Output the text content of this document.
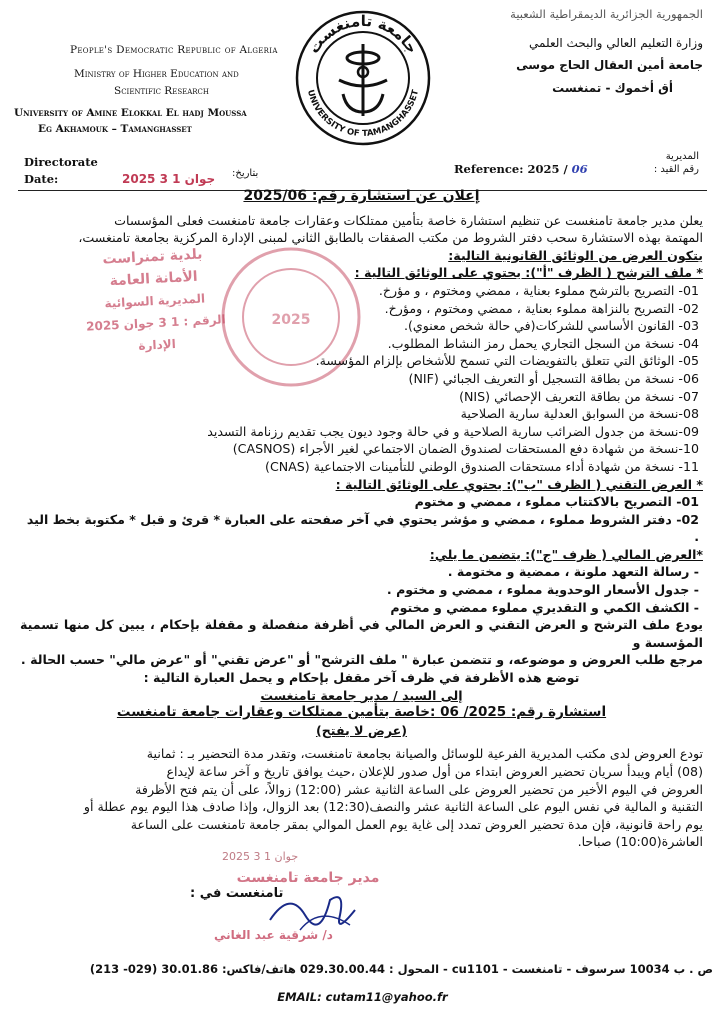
الجمهورية الجزائرية الديمقراطية الشعبية
وزارة التعليم العالي والبحث العلمي
جامعة أمين العقال الحاج موسى
أق أخموك - تمنغست
People's Democratic Republic of Algeria
Ministry of Higher Education and
Scientific Research
University of Amine Elokkal El hadj Moussa
Eg Akhamouk – Tamanghasset
جامعة تامنغست
UNIVERSITY OF TAMANGHASSET
Directorate
Date:	2025 جوان 1 3 بتاريخ:	Reference: 2025 / 06
المديرية
رقم القيد :
بلدية تمنراست
الأمانة العامة
المديرية السوائية
الرقم : 1 3 جوان 2025
الإدارة
2025

إعلان عن استشارة رقم: 2025/06

يعلن مدير جامعة تامنغست عن تنظيم استشارة خاصة بتأمين ممتلكات وعقارات جامعة تامنغست فعلى المؤسسات

المهتمة بهذه الاستشارة سحب دفتر الشروط من مكتب الصفقات بالطابق الثاني لمبنى الإدارة المركزية بجامعة تامنغست،

يتكون العرض من الوثائق القانونية التالية:

* ملف الترشح ( الظرف "أ"): يحتوي على الوثائق التالية :

01- التصريح بالترشح مملوء بعناية ، ممضي ومختوم ، و مؤرخ.

02- التصريح بالنزاهة مملوء بعناية ، ممضي ومختوم ، ومؤرخ.

03- القانون الأساسي للشركات(في حالة شخص معنوي).

04- نسخة من السجل التجاري يحمل رمز النشاط المطلوب.

05- الوثائق التي تتعلق بالتفويضات التي تسمح للأشخاص بإلزام المؤسسة.

06- نسخة من بطاقة التسجيل أو التعريف الجبائي (NIF)

07- نسخة من بطاقة التعريف الإحصائي (NIS)

08-نسخة من السوابق العدلية سارية الصلاحية

09-نسخة من جدول الضرائب سارية الصلاحية و في حالة وجود ديون يجب تقديم رزنامة التسديد

10-نسخة من شهادة دفع المستحقات لصندوق الضمان الاجتماعي لغير الأجراء (CASNOS)

11- نسخة من شهادة أداء مستحقات الصندوق الوطني للتأمينات الاجتماعية (CNAS)

* العرض التقني ( الظرف "ب"): يحتوي على الوثائق التالية :

01- التصريح بالاكتتاب مملوء ، ممضي و مختوم

02- دفتر الشروط مملوء ، ممضي و مؤشر يحتوي في آخر صفحته على العبارة * قرئ و قبل * مكتوبة بخط اليد .

*العرض المالي ( ظرف "ج"): يتضمن ما يلي:

- رسالة التعهد ملونة ، ممضية و مختومة .

- جدول الأسعار الوحدوية مملوء ، ممضي و مختوم .

- الكشف الكمي و التقديري مملوء ممضي و مختوم

يودع ملف الترشح و العرض التقني و العرض المالي في أظرفة منفصلة و مقفلة بإحكام ، يبين كل منها تسمية المؤسسة و

مرجع طلب العروض و موضوعه، و تتضمن عبارة " ملف الترشح" أو "عرض تقني" أو "عرض مالي" حسب الحالة .

توضع هذه الأظرفة في ظرف آخر مقفل بإحكام و يحمل العبارة التالية :

إلى السيد / مدير جامعة تامنغست

استشارة رقم: 2025/ 06 :خاصة بتأمين ممتلكات وعقارات جامعة تامنغست

(عرض لا يفتح)

تودع العروض لدى مكتب المديرية الفرعية للوسائل والصيانة بجامعة تامنغست، وتقدر مدة التحضير بـ : ثمانية

(08) أيام ويبدأ سريان تحضير العروض ابتداء من أول صدور للإعلان ،حيث يوافق تاريخ و آخر ساعة لإيداع

العروض في اليوم الأخير من تحضير العروض على الساعة الثانية عشر (12:00) زوالاً، على أن يتم فتح الأظرفة

التقنية و المالية في نفس اليوم على الساعة الثانية عشر والنصف(12:30) بعد الزوال، وإذا صادف هذا اليوم يوم عطلة أو

يوم راحة قانونية، فإن مدة تحضير العروض تمدد إلى غاية يوم العمل الموالي بمقر جامعة تامنغست على الساعة

العاشرة(10:00) صباحا.

2025 جوان 1 3
مدير جامعة تامنغست
تامنغست في :
د/ شرقية عبد الغاني
ص . ب 10034 سرسوف - تامنغست - cu1101 - المحول : 029.30.00.44 هاتف/فاكس: 30.01.86 (029- 213)
EMAIL: cutam11@yahoo.fr
